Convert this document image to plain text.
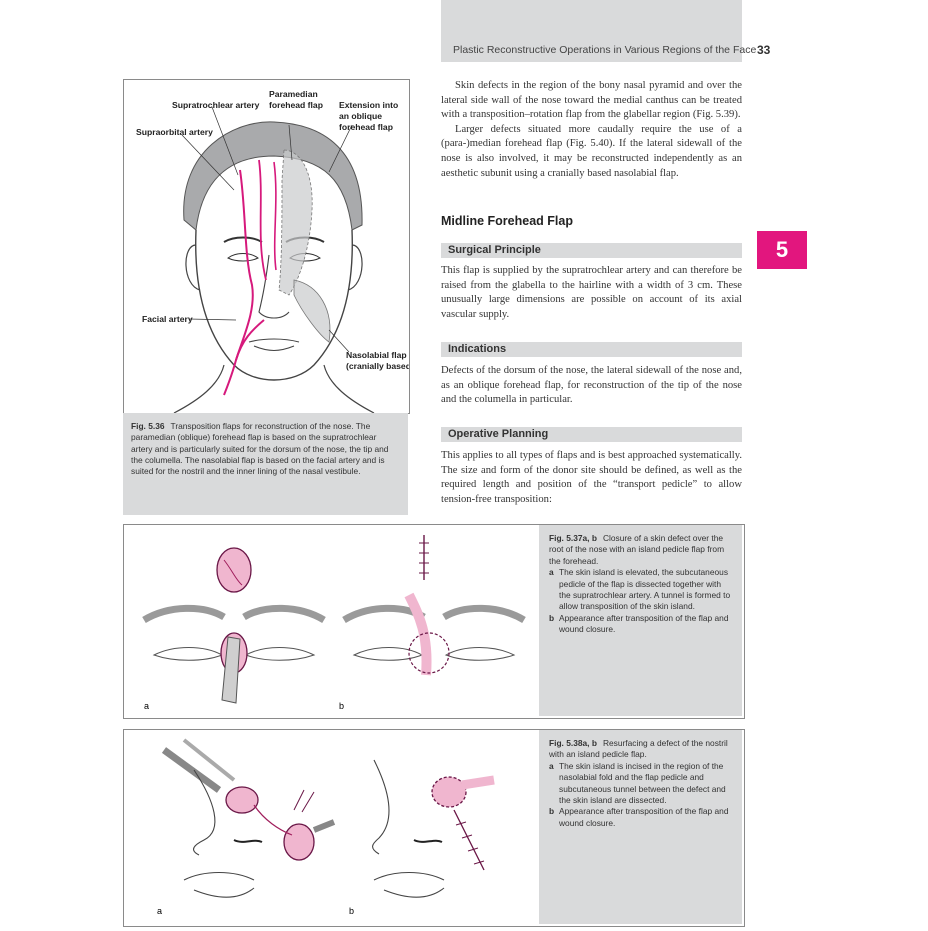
Plastic Reconstructive Operations in Various Regions of the Face 33
5
Supratrochlear artery
Paramedian
forehead flap Extension into
an oblique
forehead flap
Supraorbital artery
Facial artery
Nasolabial flap
(cranially based)
Fig. 5.36 Transposition flaps for reconstruction of the nose. The paramedian (oblique) forehead flap is based on the supratrochlear artery and is particularly suited for the dorsum of the nose, the tip and the columella. The nasolabial flap is based on the facial artery and is suited for the nostril and the inner lining of the nasal vestibule.

Skin defects in the region of the bony nasal pyramid and over the lateral side wall of the nose toward the medial canthus can be treated with a transposition–rotation flap from the glabellar region (Fig. 5.39).

Larger defects situated more caudally require the use of a (para-)median forehead flap (Fig. 5.40). If the lateral sidewall of the nose is also involved, it may be reconstructed independently as an aesthetic subunit using a cranially based nasolabial flap.

Midline Forehead Flap
Surgical Principle
This flap is supplied by the supratrochlear artery and can therefore be raised from the glabella to the hairline with a width of 3 cm. These unusually large dimensions are possible on account of its axial vascular supply.
Indications
Defects of the dorsum of the nose, the lateral sidewall of the nose and, as an oblique forehead flap, for reconstruction of the tip of the nose and the columella in particular.
Operative Planning
This applies to all types of flaps and is best approached systematically. The size and form of the donor site should be defined, as well as the required length and position of the “transport pedicle” to allow tension-free transposition:
a	b
Fig. 5.37a, b Closure of a skin defect over the root of the nose with an island pedicle flap from the forehead.
a The skin island is elevated, the subcutaneous pedicle of the flap is dissected together with the supratrochlear artery. A tunnel is formed to allow transposition of the skin island.
b Appearance after transposition of the flap and wound closure.
a	b
Fig. 5.38a, b Resurfacing a defect of the nostril with an island pedicle flap.
a The skin island is incised in the region of the nasolabial fold and the flap pedicle and subcutaneous tunnel between the defect and the skin island are dissected.
b Appearance after transposition of the flap and wound closure.
